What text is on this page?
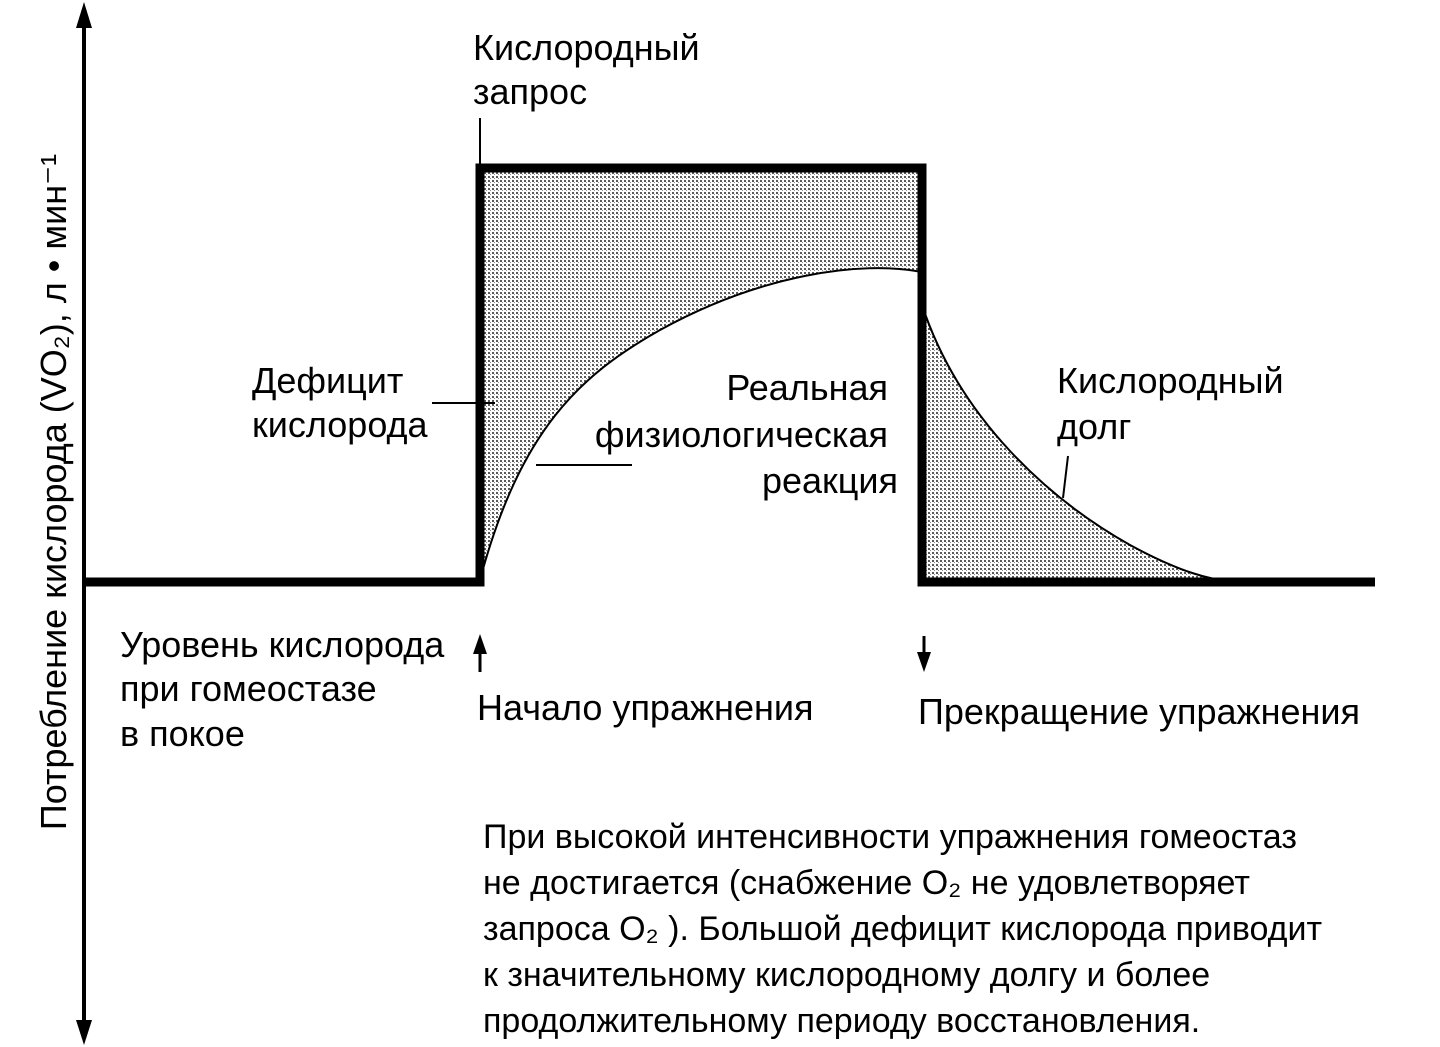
Потребление кислорода (VO₂), л • мин⁻¹
Кислородный запрос
Дефицит кислорода
Реальная физиологическая реакция
Кислородный долг
Уровень кислорода при гомеостазе в покое
Начало упражнения	Прекращение упражнения
При высокой интенсивности упражнения гомеостаз не достигается (снабжение O₂ не удовлетворяет запроса O₂ ). Большой дефицит кислорода приводит к значительному кислородному долгу и более продолжительному периоду восстановления.
